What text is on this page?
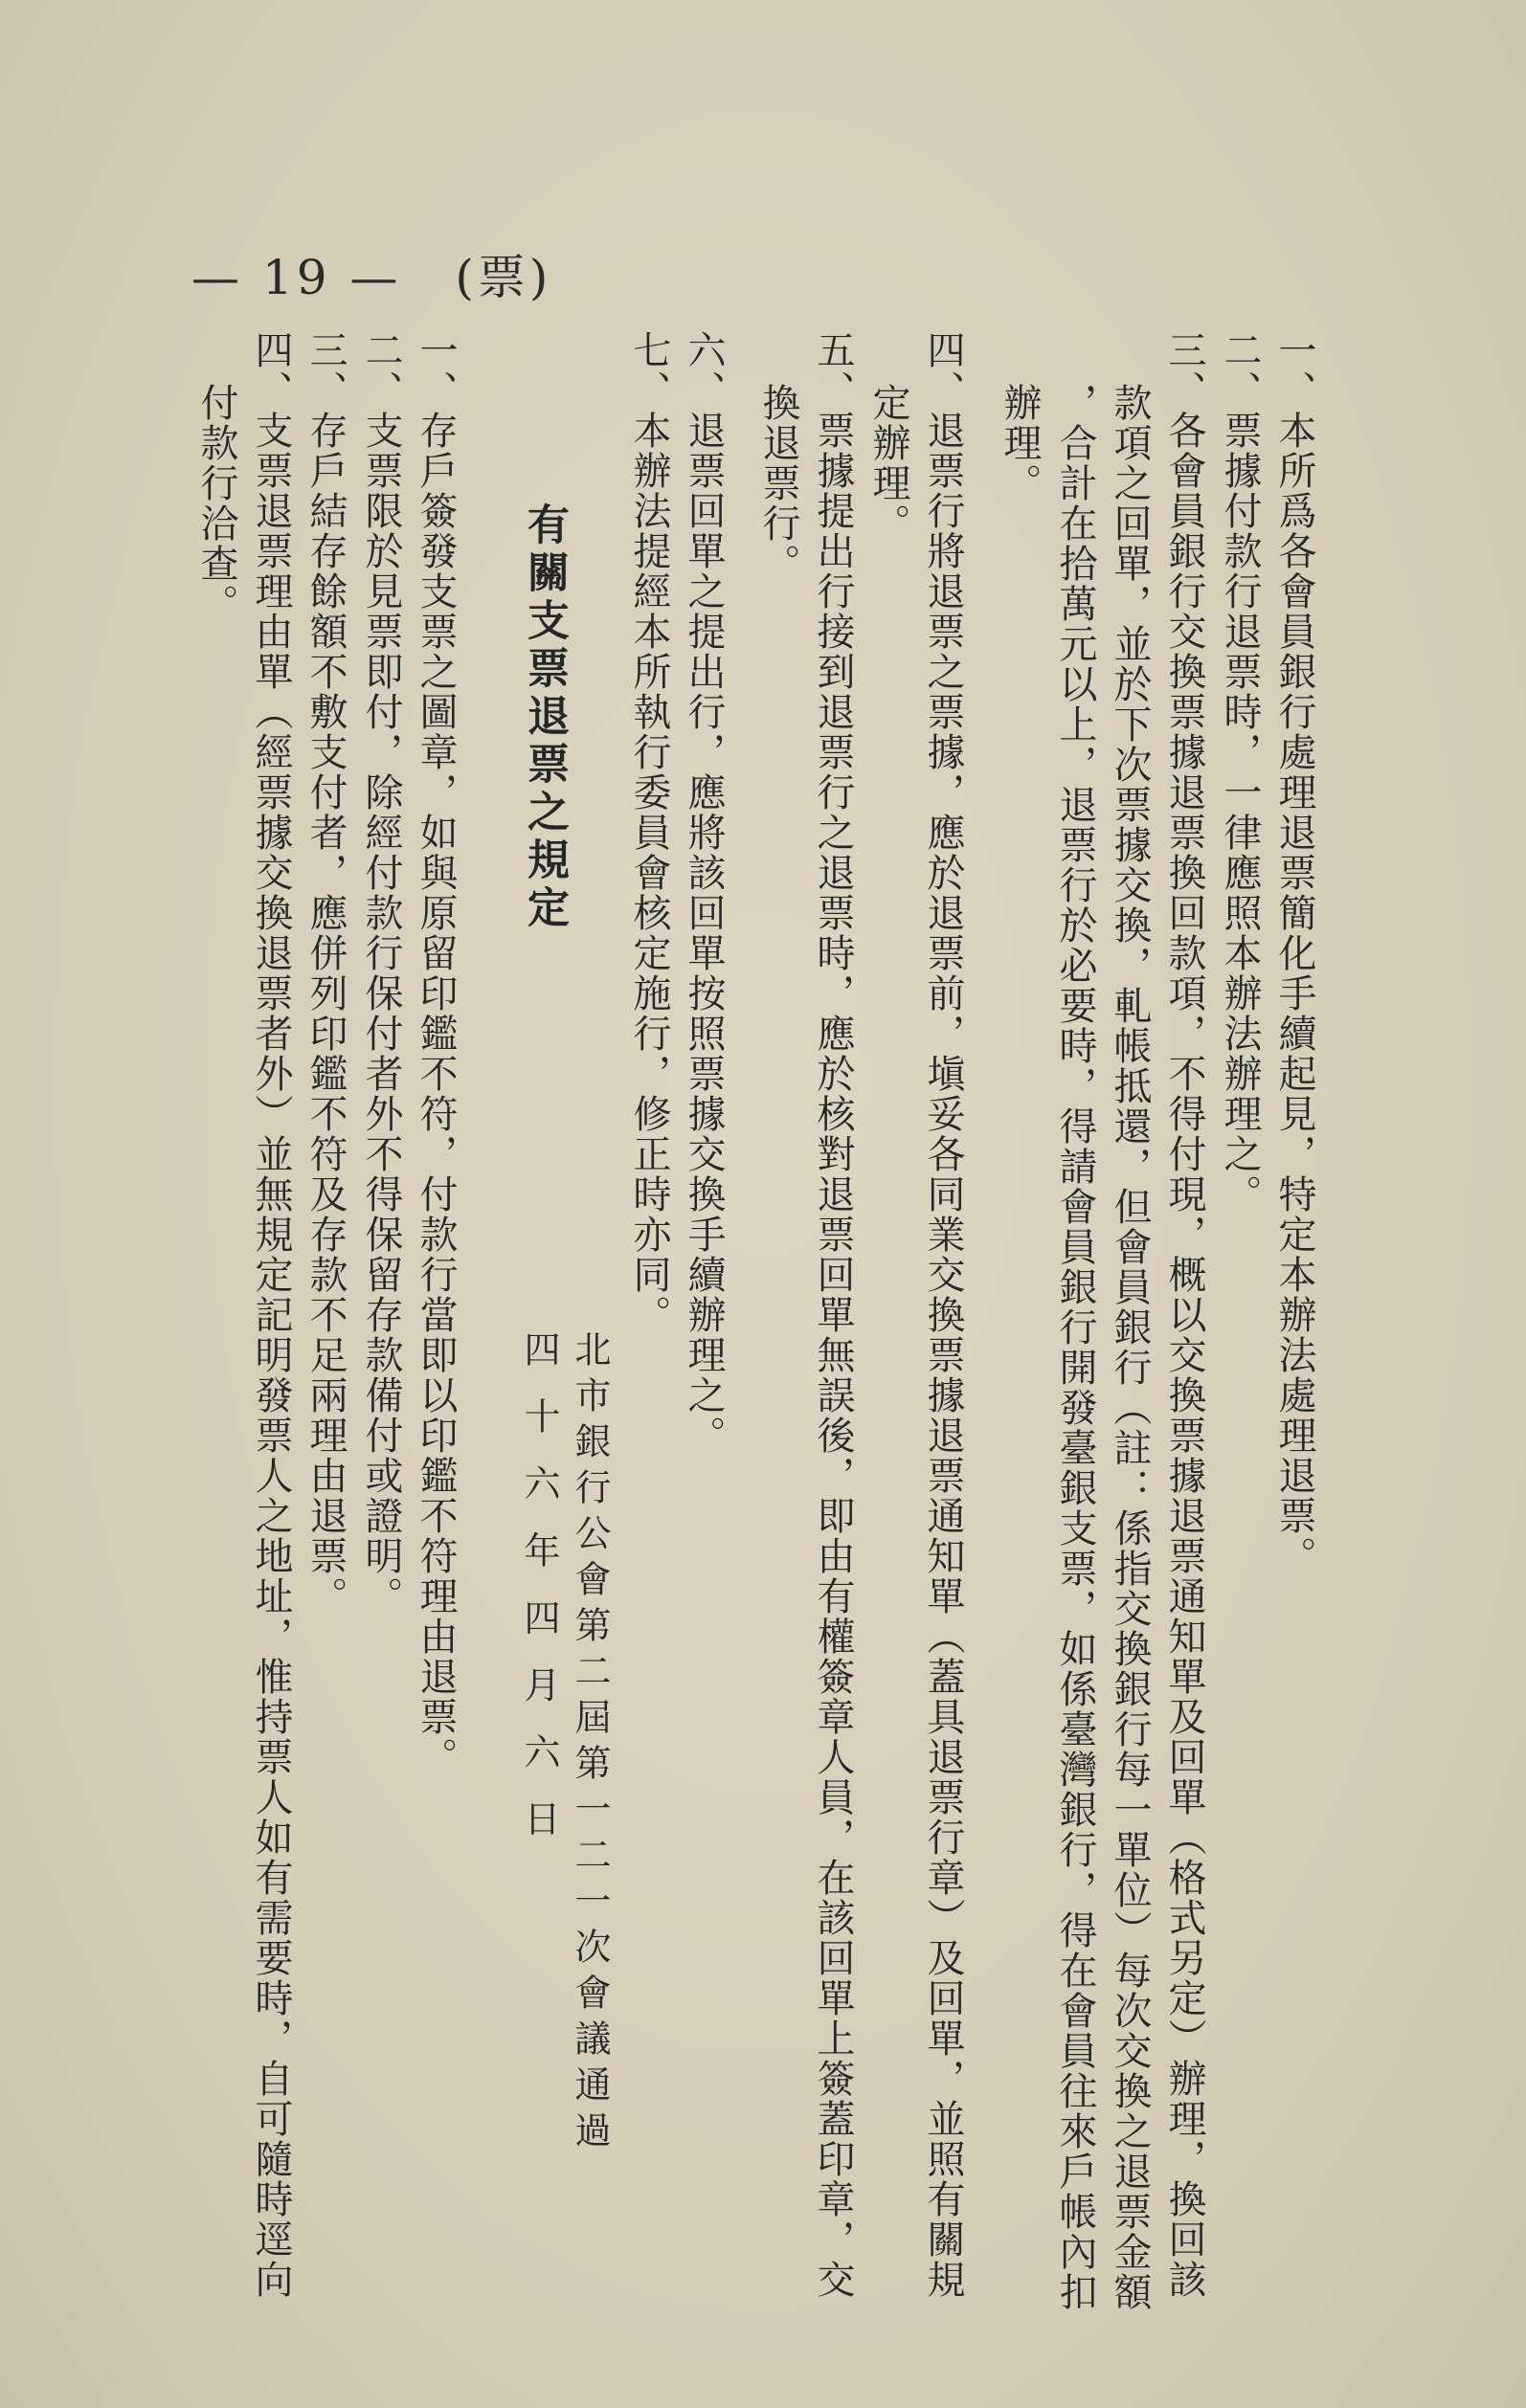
— 19 — (票)
一、本所爲各會員銀行處理退票簡化手續起見，特定本辦法處理退票。
二、票據付款行退票時，一律應照本辦法辦理之。
三、各會員銀行交換票據退票換回款項，不得付現，概以交換票據退票通知單及回單（格式另定）辦理，換回該
款項之回單，並於下次票據交換，軋帳抵還，但會員銀行（註：係指交換銀行每一單位）每次交換之退票金額
，合計在拾萬元以上，退票行於必要時，得請會員銀行開發臺銀支票，如係臺灣銀行，得在會員往來戶帳內扣
辦理。
四、退票行將退票之票據，應於退票前，塡妥各同業交換票據退票通知單（蓋具退票行章）及回單，並照有關規
定辦理。
五、票據提出行接到退票行之退票時，應於核對退票回單無誤後，即由有權簽章人員，在該回單上簽蓋印章，交
換退票行。
六、退票回單之提出行，應將該回單按照票據交換手續辦理之。
七、本辦法提經本所執行委員會核定施行，修正時亦同。
一、存戶簽發支票之圖章，如與原留印鑑不符，付款行當即以印鑑不符理由退票。
二、支票限於見票即付，除經付款行保付者外不得保留存款備付或證明。
三、存戶結存餘額不敷支付者，應併列印鑑不符及存款不足兩理由退票。
四、支票退票理由單（經票據交換退票者外）並無規定記明發票人之地址，惟持票人如有需要時，自可隨時逕向
付款行洽查。	有關支票退票之規定
北市銀行公會第二屆第一二一次會議通過
四 十 六 年 四 月 六 日
